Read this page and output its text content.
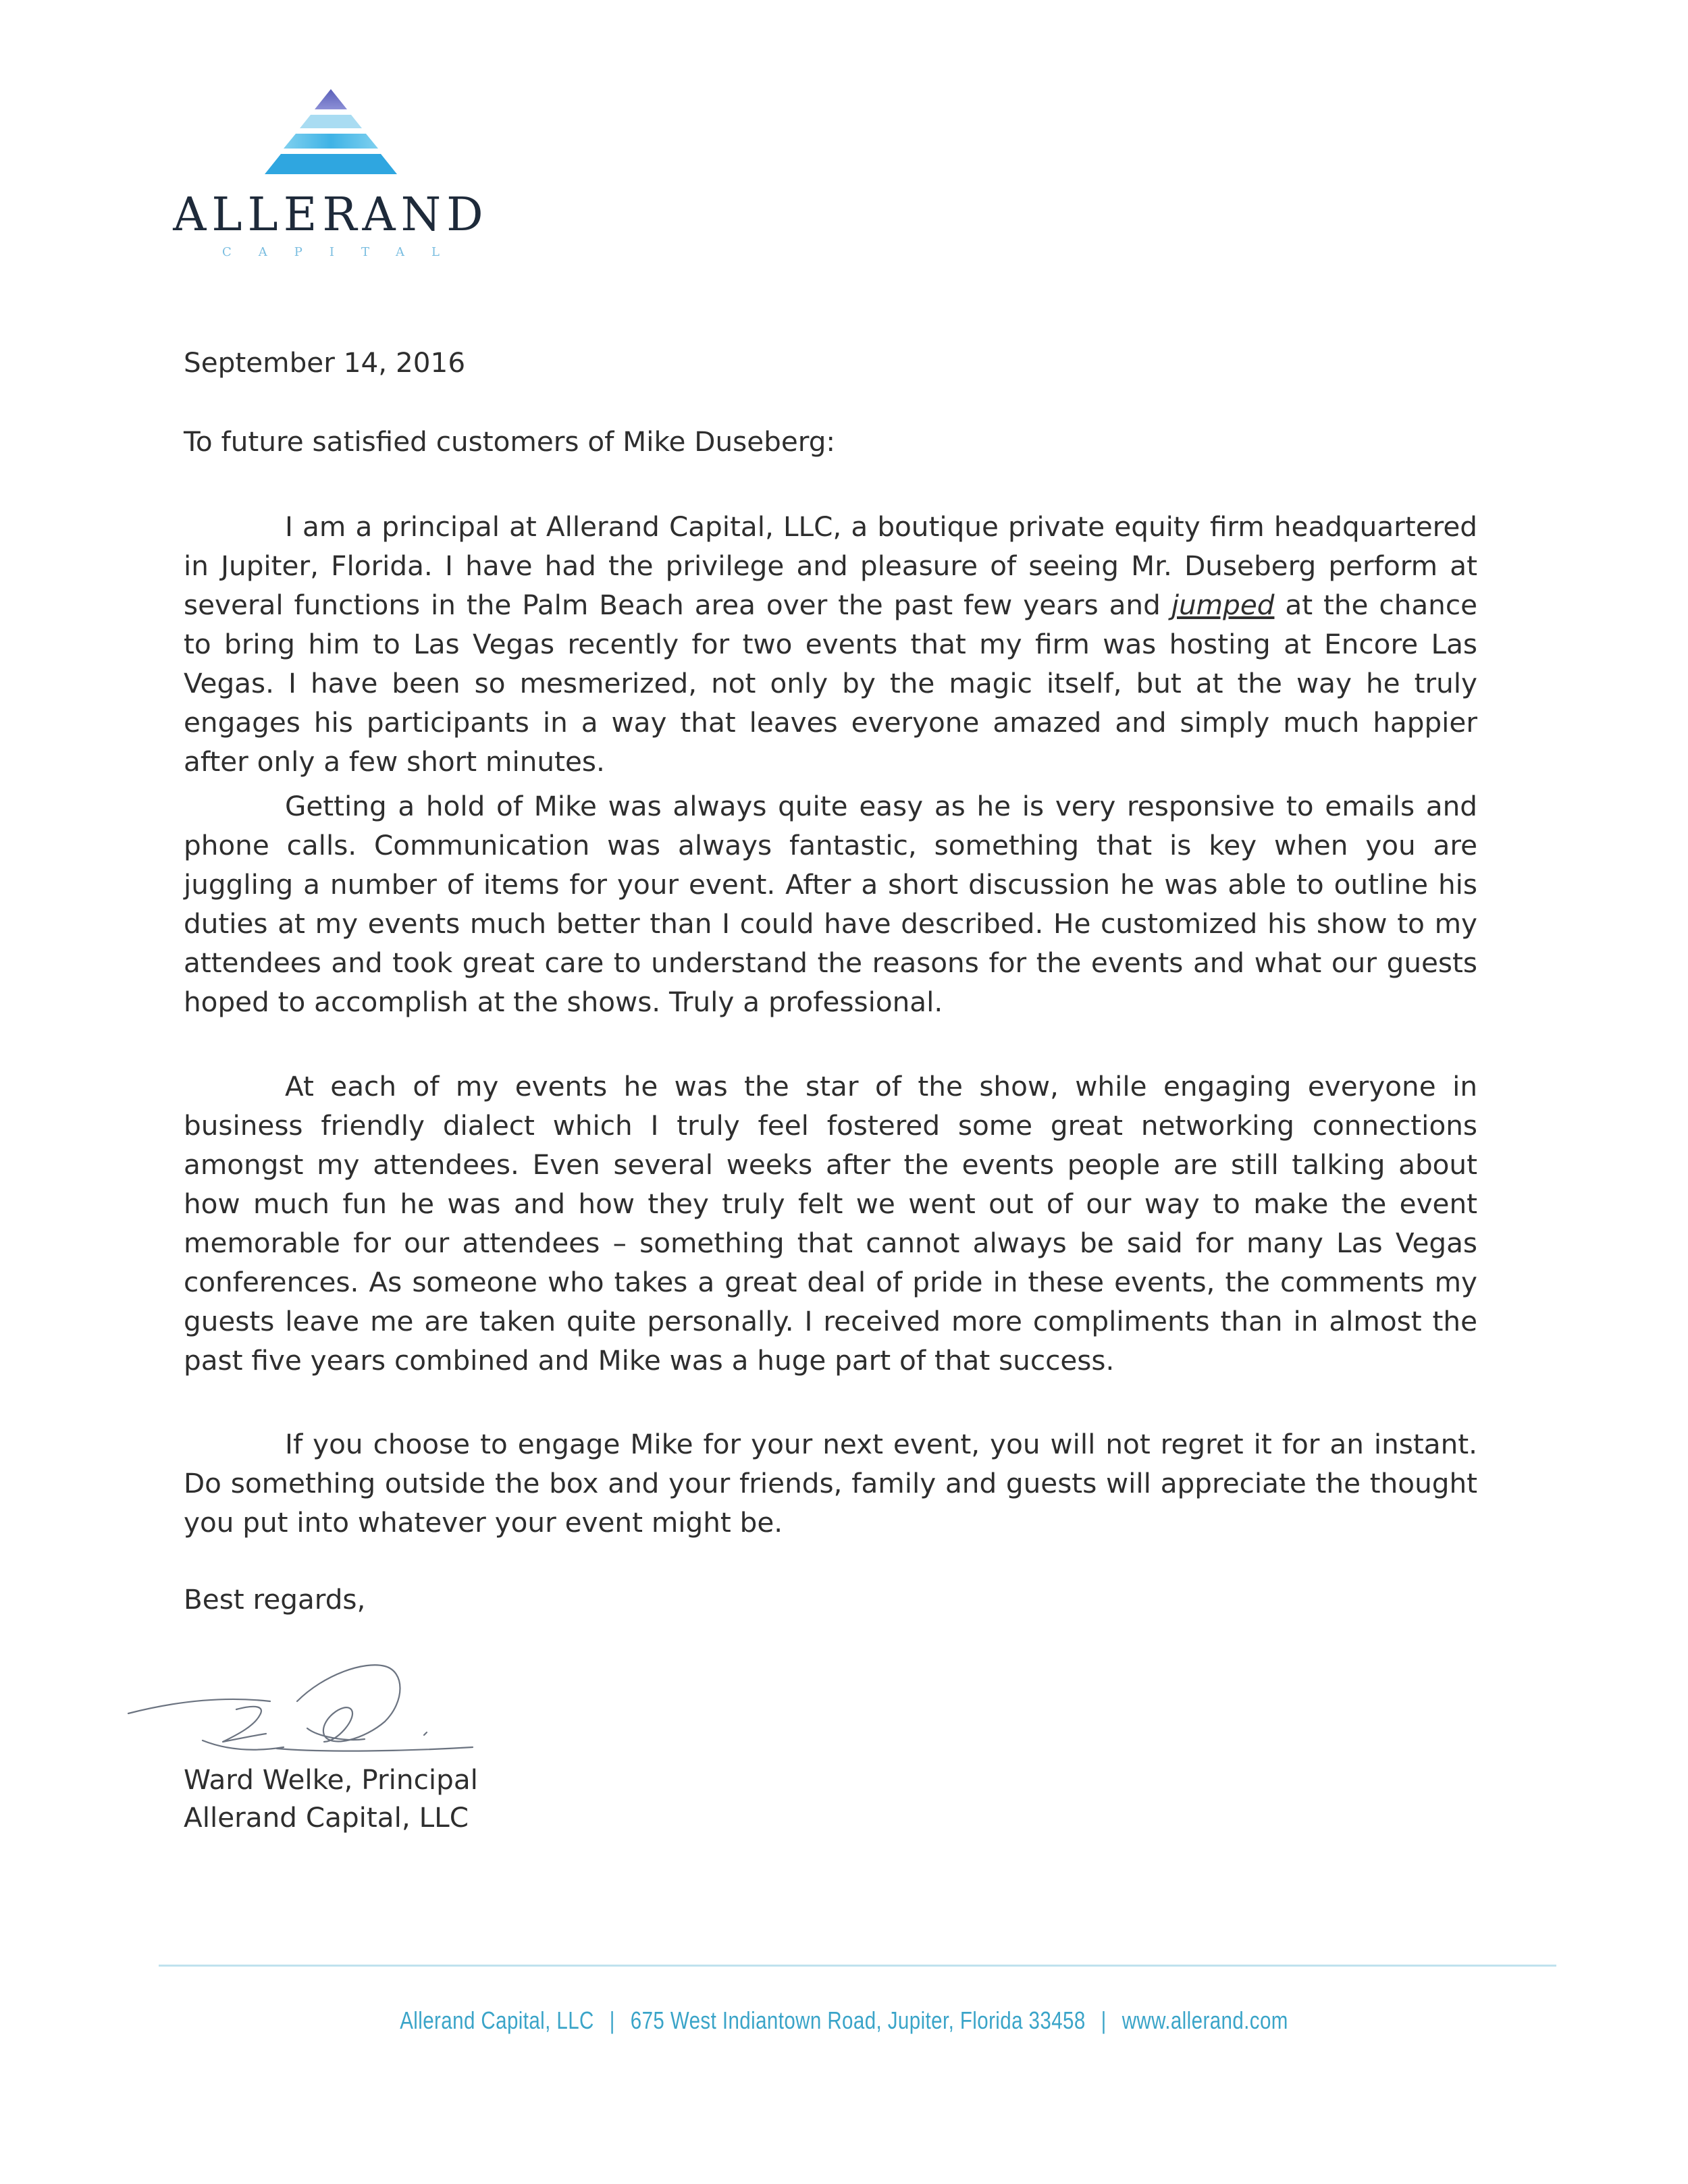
ALLERAND
CAPITAL
September 14, 2016
To future satisfied customers of Mike Duseberg:
I am a principal at Allerand Capital, LLC, a boutique private equity firm headquartered in Jupiter, Florida. I have had the privilege and pleasure of seeing Mr. Duseberg perform at several functions in the Palm Beach area over the past few years and jumped at the chance to bring him to Las Vegas recently for two events that my firm was hosting at Encore Las Vegas. I have been so mesmerized, not only by the magic itself, but at the way he truly engages his participants in a way that leaves everyone amazed and simply much happier after only a few short minutes.
Getting a hold of Mike was always quite easy as he is very responsive to emails and phone calls. Communication was always fantastic, something that is key when you are juggling a number of items for your event. After a short discussion he was able to outline his duties at my events much better than I could have described. He customized his show to my attendees and took great care to understand the reasons for the events and what our guests hoped to accomplish at the shows. Truly a professional.
At each of my events he was the star of the show, while engaging everyone in business friendly dialect which I truly feel fostered some great networking connections amongst my attendees. Even several weeks after the events people are still talking about how much fun he was and how they truly felt we went out of our way to make the event memorable for our attendees – something that cannot always be said for many Las Vegas conferences. As someone who takes a great deal of pride in these events, the comments my guests leave me are taken quite personally. I received more compliments than in almost the past five years combined and Mike was a huge part of that success.
If you choose to engage Mike for your next event, you will not regret it for an instant. Do something outside the box and your friends, family and guests will appreciate the thought you put into whatever your event might be.
Best regards,
Ward Welke, Principal
Allerand Capital, LLC
Allerand Capital, LLC | 675 West Indiantown Road, Jupiter, Florida 33458 | www.allerand.com
